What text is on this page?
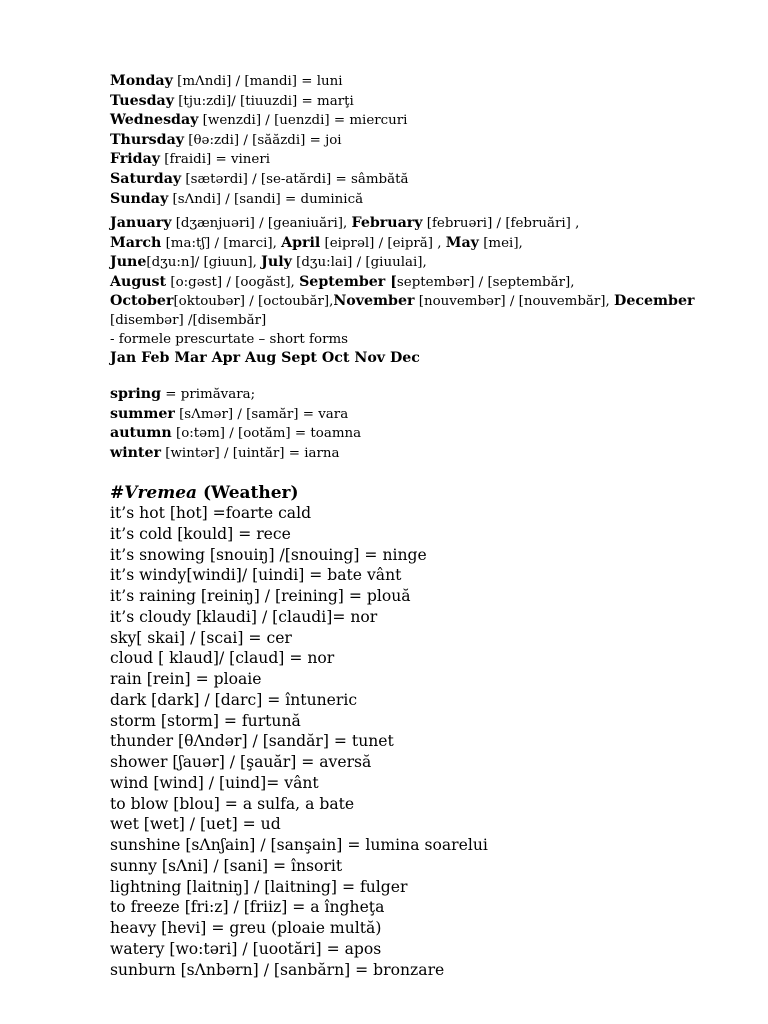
Monday [mΛndi] / [mandi] = luni
Tuesday [tju:zdi]/ [tiuuzdi] = marţi
Wednesday [wenzdi] / [uenzdi] = miercuri
Thursday [θə:zdi] / [săăzdi] = joi
Friday [fraidi] = vineri
Saturday [sætərdi] / [se-atărdi] = sâmbătă
Sunday [sΛndi] / [sandi] = duminică
January [dʒænjuəri] / [geaniuări], February [februəri] / [februări] ,
March [ma:tʃ] / [marci], April [eiprəl] / [eipră] , May [mei],
June[dʒu:n]/ [giuun], July [dʒu:lai] / [giuulai],
August [o:gəst] / [oogăst], September [septembər] / [septembăr],
October[oktoubər] / [octoubăr],November [nouvembər] / [nouvembăr], December [disembər] /[disembăr]
- formele prescurtate – short forms
Jan Feb Mar Apr Aug Sept Oct Nov Dec
spring = primăvara;
summer [sΛmər] / [samăr] = vara
autumn [o:təm] / [ootăm] = toamna
winter [wintər] / [uintăr] = iarna
#Vremea (Weather)
it’s hot [hot] =foarte cald
it’s cold [kould] = rece
it’s snowing [snouiŋ] /[snouing] = ninge
it’s windy[windi]/ [uindi] = bate vânt
it’s raining [reiniŋ] / [reining] = plouă
it’s cloudy [klaudi] / [claudi]= nor
sky[ skai] / [scai] = cer
cloud [ klaud]/ [claud] = nor
rain [rein] = ploaie
dark [dark] / [darc] = întuneric
storm [storm] = furtună
thunder [θΛndər] / [sandăr] = tunet
shower [ʃauər] / [şauăr] = aversă
wind [wind] / [uind]= vânt
to blow [blou] = a sulfa, a bate
wet [wet] / [uet] = ud
sunshine [sΛnʃain] / [sanşain] = lumina soarelui
sunny [sΛni] / [sani] = însorit
lightning [laitniŋ] / [laitning] = fulger
to freeze [fri:z] / [friiz] = a îngheţa
heavy [hevi] = greu (ploaie multă)
watery [wo:təri] / [uootări] = apos
sunburn [sΛnbərn] / [sanbărn] = bronzare
